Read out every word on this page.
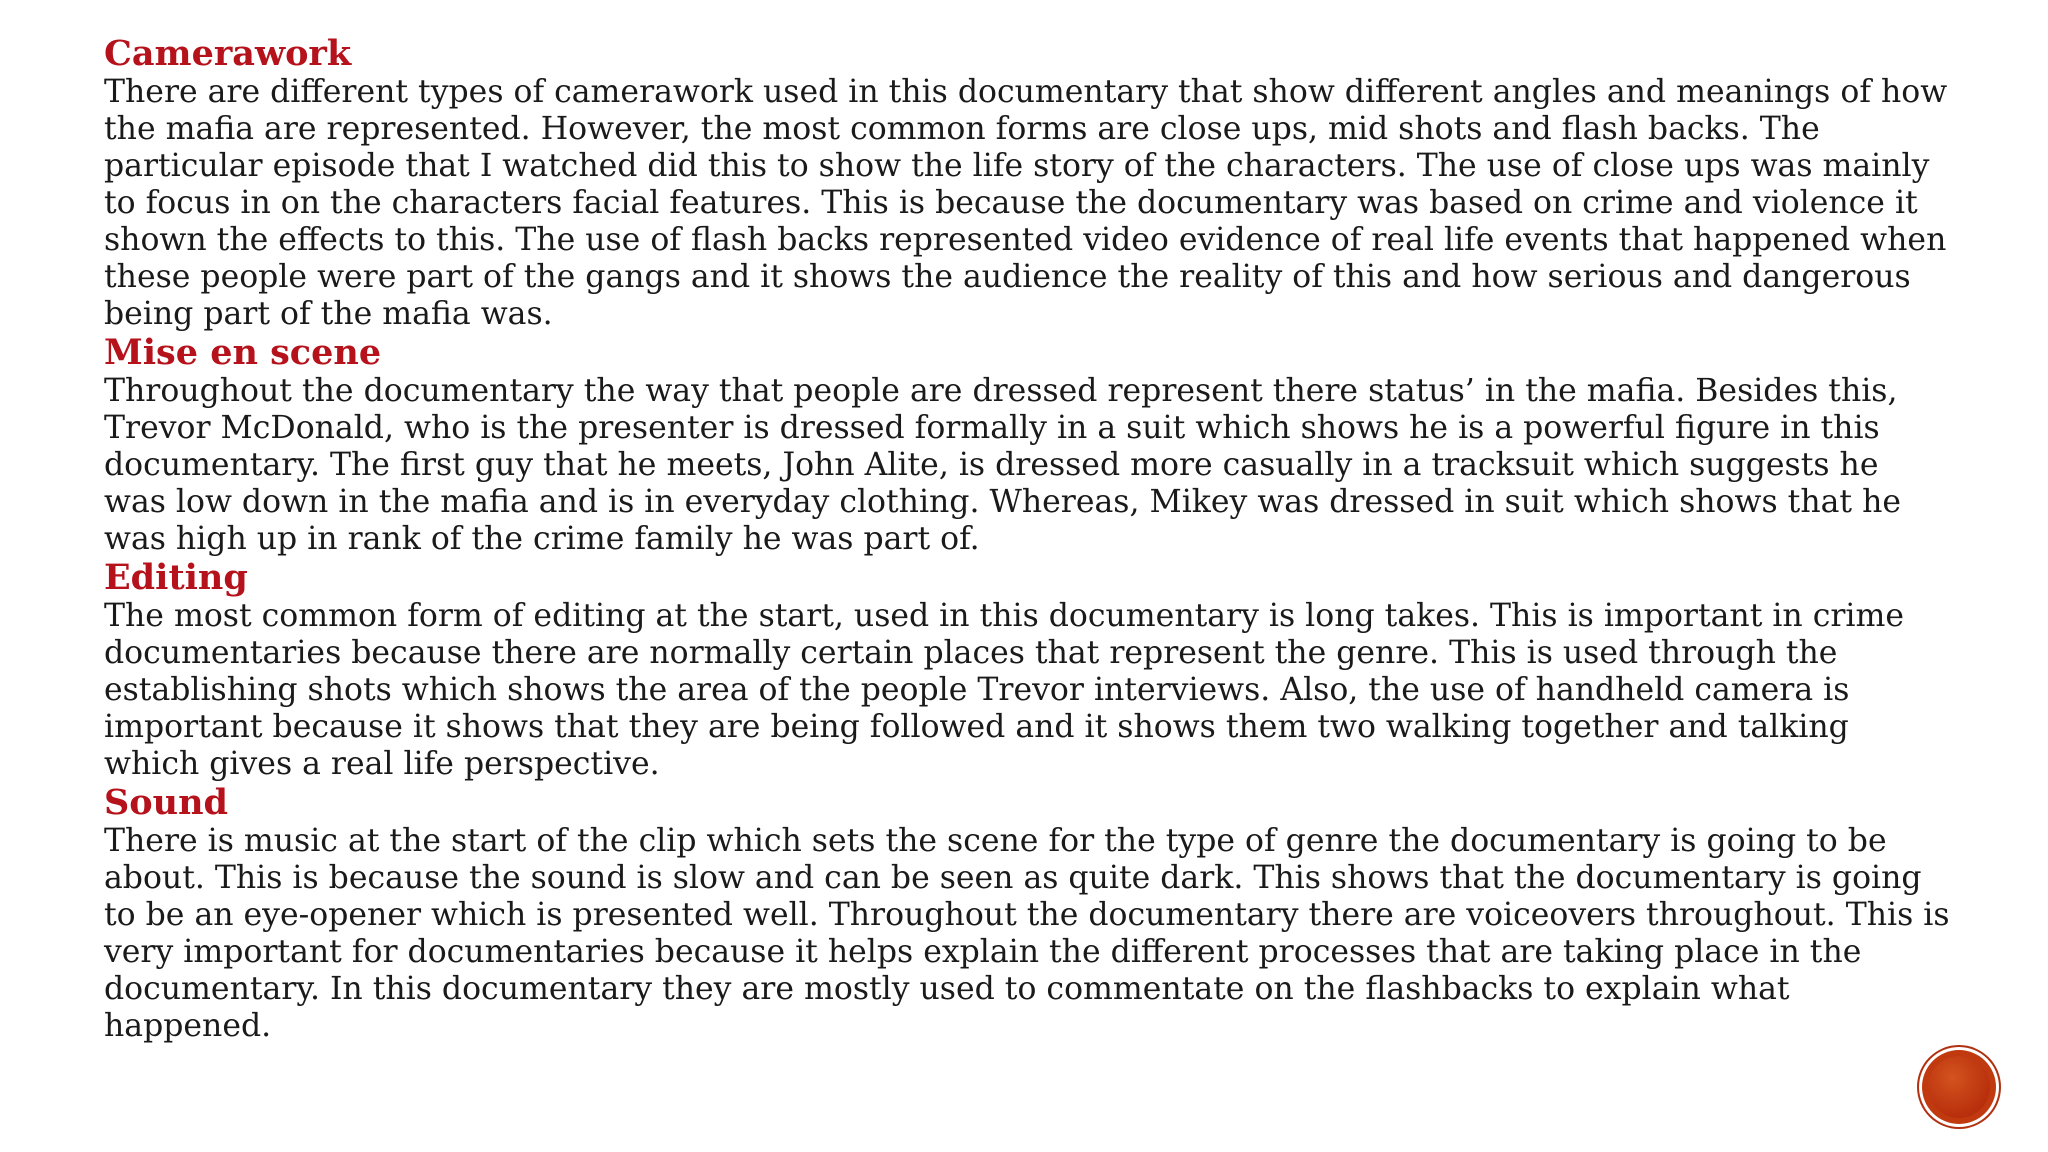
Camerawork
There are different types of camerawork used in this documentary that show different angles and meanings of how
the mafia are represented. However, the most common forms are close ups, mid shots and flash backs. The
particular episode that I watched did this to show the life story of the characters. The use of close ups was mainly
to focus in on the characters facial features. This is because the documentary was based on crime and violence it
shown the effects to this. The use of flash backs represented video evidence of real life events that happened when
these people were part of the gangs and it shows the audience the reality of this and how serious and dangerous
being part of the mafia was.
Mise en scene
Throughout the documentary the way that people are dressed represent there status’ in the mafia. Besides this,
Trevor McDonald, who is the presenter is dressed formally in a suit which shows he is a powerful figure in this
documentary. The first guy that he meets, John Alite, is dressed more casually in a tracksuit which suggests he
was low down in the mafia and is in everyday clothing. Whereas, Mikey was dressed in suit which shows that he
was high up in rank of the crime family he was part of.
Editing
The most common form of editing at the start, used in this documentary is long takes. This is important in crime
documentaries because there are normally certain places that represent the genre. This is used through the
establishing shots which shows the area of the people Trevor interviews. Also, the use of handheld camera is
important because it shows that they are being followed and it shows them two walking together and talking
which gives a real life perspective.
Sound
There is music at the start of the clip which sets the scene for the type of genre the documentary is going to be
about. This is because the sound is slow and can be seen as quite dark. This shows that the documentary is going
to be an eye-opener which is presented well. Throughout the documentary there are voiceovers throughout. This is
very important for documentaries because it helps explain the different processes that are taking place in the
documentary. In this documentary they are mostly used to commentate on the flashbacks to explain what
happened.
